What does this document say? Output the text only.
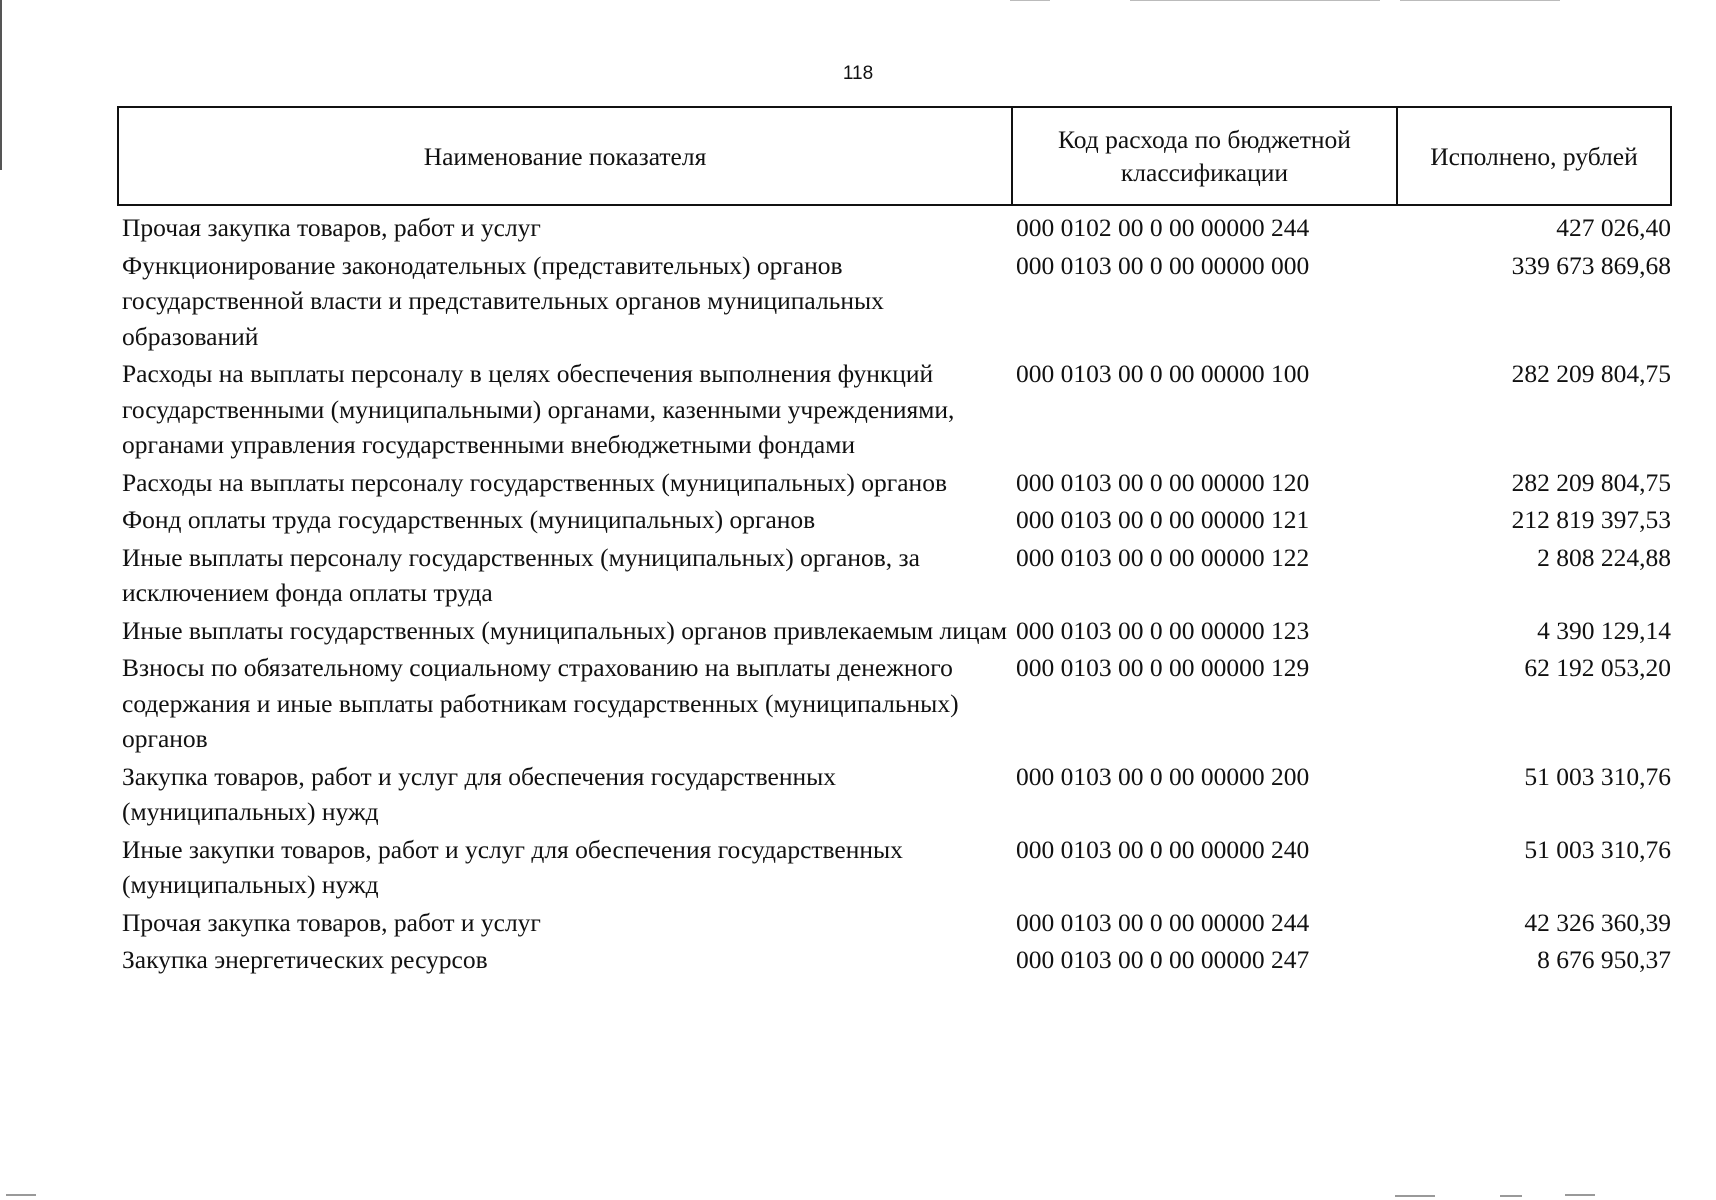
118
Наименование показателя	Код расхода по бюджетной классификации	Исполнено, рублей
Прочая закупка товаров, работ и услуг	000 0102 00 0 00 00000 244	427 026,40
Функционирование законодательных (представительных) органов государственной власти и представительных органов муниципальных образований	000 0103 00 0 00 00000 000	339 673 869,68
Расходы на выплаты персоналу в целях обеспечения выполнения функций государственными (муниципальными) органами, казенными учреждениями, органами управления государственными внебюджетными фондами	000 0103 00 0 00 00000 100	282 209 804,75
Расходы на выплаты персоналу государственных (муниципальных) органов	000 0103 00 0 00 00000 120	282 209 804,75
Фонд оплаты труда государственных (муниципальных) органов	000 0103 00 0 00 00000 121	212 819 397,53
Иные выплаты персоналу государственных (муниципальных) органов, за исключением фонда оплаты труда	000 0103 00 0 00 00000 122	2 808 224,88
Иные выплаты государственных (муниципальных) органов привлекаемым лицам	000 0103 00 0 00 00000 123	4 390 129,14
Взносы по обязательному социальному страхованию на выплаты денежного содержания и иные выплаты работникам государственных (муниципальных) органов	000 0103 00 0 00 00000 129	62 192 053,20
Закупка товаров, работ и услуг для обеспечения государственных (муниципальных) нужд	000 0103 00 0 00 00000 200	51 003 310,76
Иные закупки товаров, работ и услуг для обеспечения государственных (муниципальных) нужд	000 0103 00 0 00 00000 240	51 003 310,76
Прочая закупка товаров, работ и услуг	000 0103 00 0 00 00000 244	42 326 360,39
Закупка энергетических ресурсов	000 0103 00 0 00 00000 247	8 676 950,37
